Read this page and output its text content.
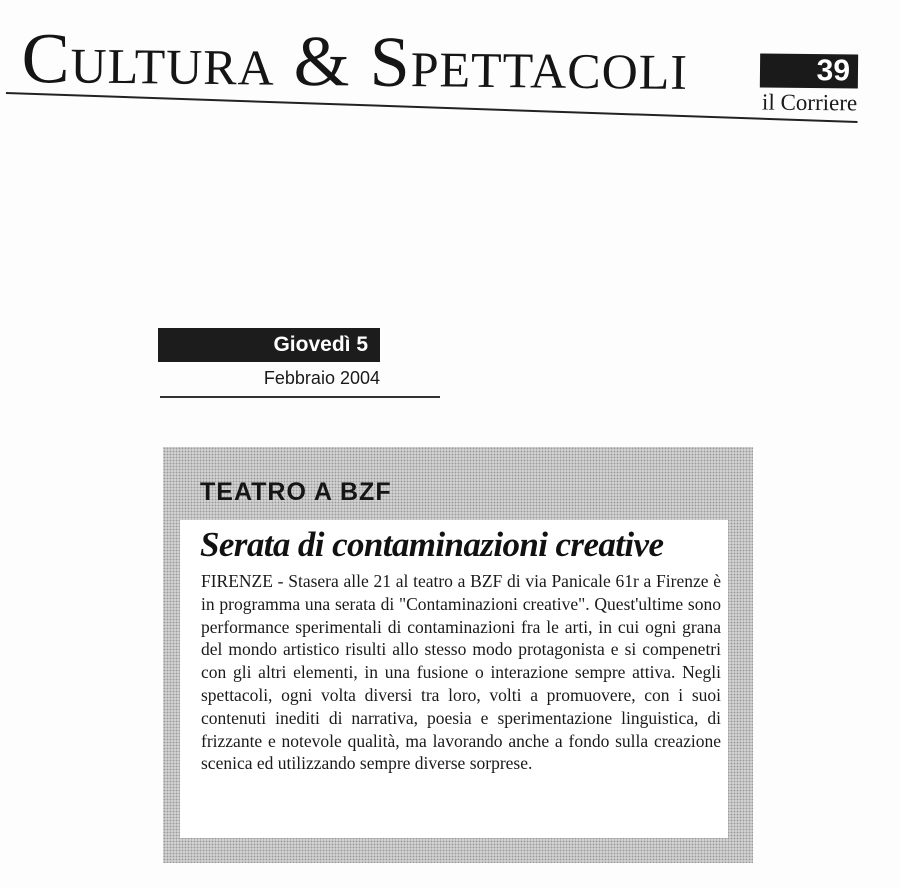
Cultura & Spettacoli	39
il Corriere
Giovedì 5
Febbraio 2004
TEATRO A BZF
Serata di contaminazioni creative

FIRENZE - Stasera alle 21 al teatro a BZF di via Panicale 61r a Firenze è in programma una serata di "Contaminazioni creative". Quest'ultime sono performance sperimentali di contaminazioni fra le arti, in cui ogni grana del mondo artistico risulti allo stesso modo protagonista e si compenetri con gli altri elementi, in una fusione o interazione sempre attiva. Negli spettacoli, ogni volta diversi tra loro, volti a promuovere, con i suoi contenuti inediti di narrativa, poesia e sperimentazione linguistica, di frizzante e notevole qualità, ma lavorando anche a fondo sulla creazione scenica ed utilizzando sempre diverse sorprese.
